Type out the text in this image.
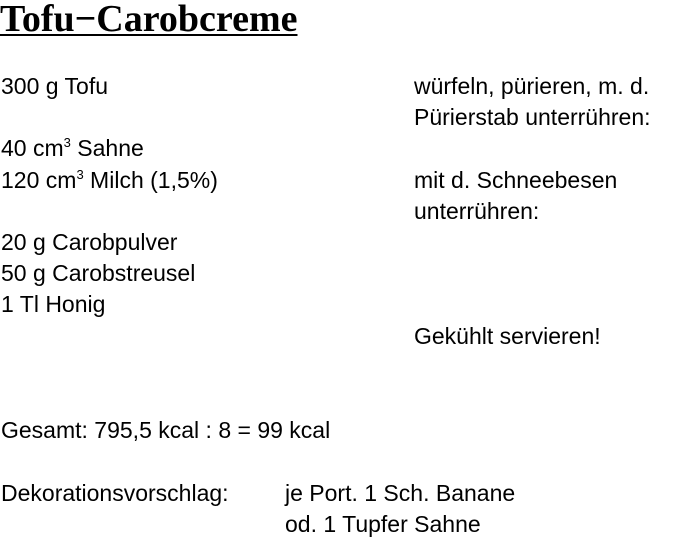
Tofu−Carobcreme
300 g Tofu	würfeln, pürieren, m. d.
Pürierstab unterrühren:
40 $cm^3$ Sahne
120 $cm^3$ Milch (1,5%)	mit d. Schneebesen
unterrühren:
20 g Carobpulver
50 g Carobstreusel
1 Tl Honig
Gekühlt servieren!
Gesamt: 795,5 kcal : 8 = 99 kcal
Dekorationsvorschlag: je Port. 1 Sch. Banane
od. 1 Tupfer Sahne
